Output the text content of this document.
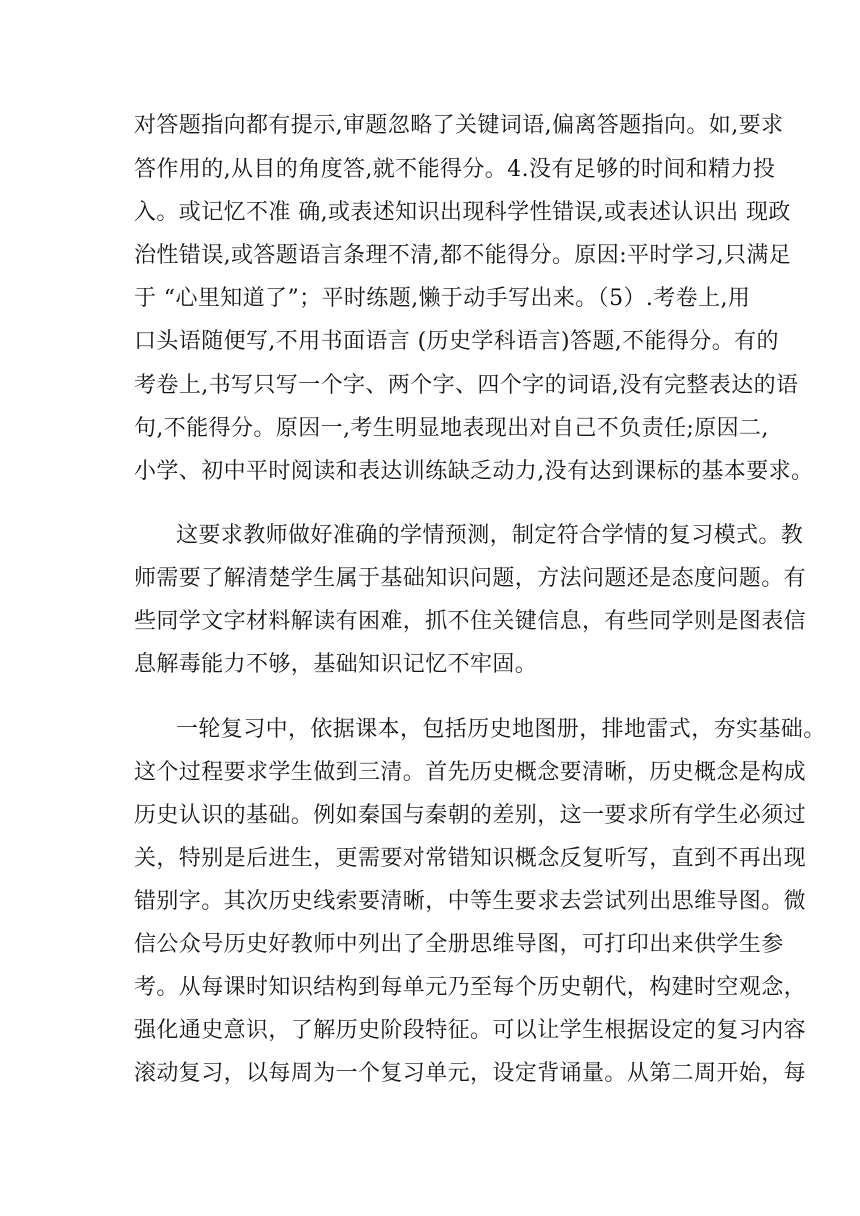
对答题指向都有提示,审题忽略了关键词语,偏离答题指向。如,要求
答作用的,从目的角度答,就不能得分。4.没有足够的时间和精力投
入。或记忆不准 确,或表述知识出现科学性错误,或表述认识出 现政
治性错误,或答题语言条理不清,都不能得分。原因:平时学习,只满足
于 “心里知道了”；平时练题,懒于动手写出来。（5）.考卷上,用
口头语随便写,不用书面语言 (历史学科语言)答题,不能得分。有的
考卷上,书写只写一个字、两个字、四个字的词语,没有完整表达的语
句,不能得分。原因一,考生明显地表现出对自己不负责任;原因二,
小学、初中平时阅读和表达训练缺乏动力,没有达到课标的基本要求。
这要求教师做好准确的学情预测，制定符合学情的复习模式。教
师需要了解清楚学生属于基础知识问题，方法问题还是态度问题。有
些同学文字材料解读有困难，抓不住关键信息，有些同学则是图表信
息解毒能力不够，基础知识记忆不牢固。
一轮复习中，依据课本，包括历史地图册，排地雷式，夯实基础。
这个过程要求学生做到三清。首先历史概念要清晰，历史概念是构成
历史认识的基础。例如秦国与秦朝的差别，这一要求所有学生必须过
关，特别是后进生，更需要对常错知识概念反复听写，直到不再出现
错别字。其次历史线索要清晰，中等生要求去尝试列出思维导图。微
信公众号历史好教师中列出了全册思维导图，可打印出来供学生参
考。从每课时知识结构到每单元乃至每个历史朝代，构建时空观念，
强化通史意识，了解历史阶段特征。可以让学生根据设定的复习内容
滚动复习，以每周为一个复习单元，设定背诵量。从第二周开始，每
